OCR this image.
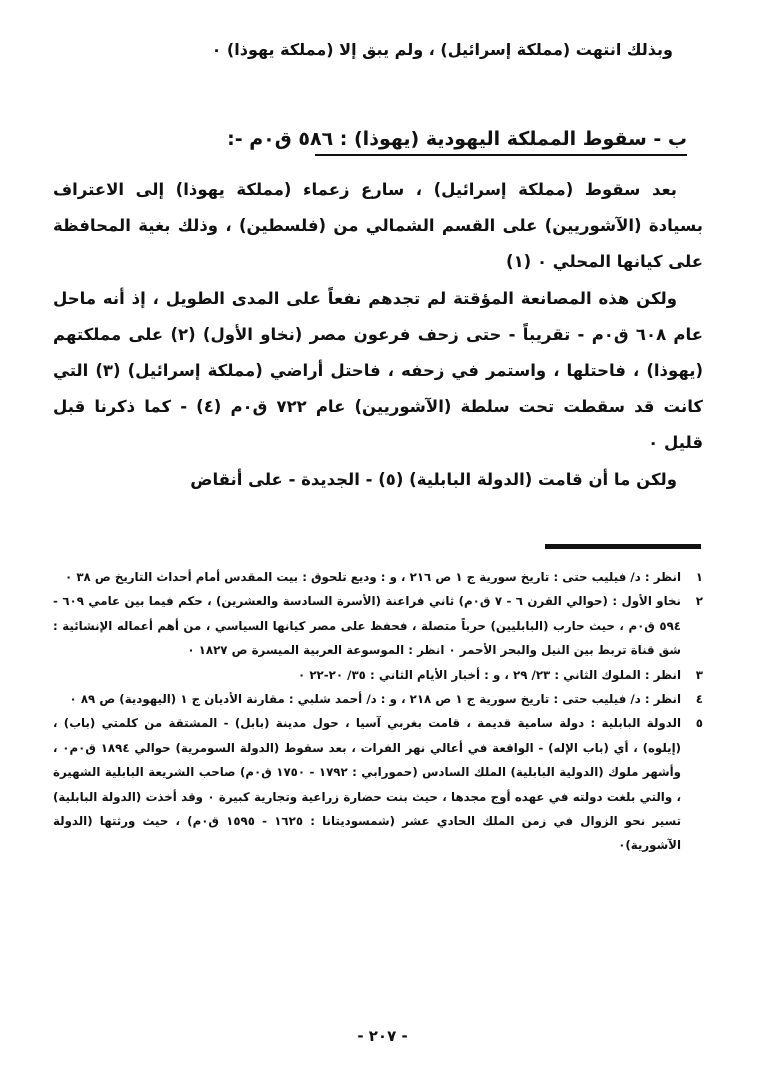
وبذلك انتهت (مملكة إسرائيل) ، ولم يبق إلا (مملكة يهوذا) ٠
ب - سقوط المملكة اليهودية (يهوذا) : ٥٨٦ ق٠م -:

بعد سقوط (مملكة إسرائيل) ، سارع زعماء (مملكة يهوذا) إلى الاعتراف بسيادة (الآشوريين) على القسم الشمالي من (فلسطين) ، وذلك بغية المحافظة على كيانها المحلي ٠ (١)

ولكن هذه المصانعة المؤقتة لم تجدهم نفعاً على المدى الطويل ، إذ أنه ماحل عام ٦٠٨ ق٠م - تقريباً - حتى زحف فرعون مصر (نخاو الأول) (٢) على مملكتهم (يهوذا) ، فاحتلها ، واستمر في زحفه ، فاحتل أراضي (مملكة إسرائيل) (٣) التي كانت قد سقطت تحت سلطة (الآشوريين) عام ٧٢٢ ق٠م (٤) - كما ذكرنا قبل قليل ٠

ولكن ما أن قامت (الدولة البابلية) (٥) - الجديدة - على أنقاض

١
انظر : د/ فيليب حتى : تاريخ سورية ج ١ ص ٢١٦ ، و : وديع تلحوق : بيت المقدس أمام أحداث التاريخ ص ٣٨ ٠
٢
نخاو الأول : (حوالي القرن ٦ - ٧ ق٠م) ثاني فراعنة (الأسرة السادسة والعشرين) ، حكم فيما بين عامي ٦٠٩ - ٥٩٤ ق٠م ، حيث حارب (البابليين) حرباً متصلة ، فحفظ على مصر كيانها السياسي ، من أهم أعماله الإنشائية : شق قناة تربط بين النيل والبحر الأحمر ٠ انظر : الموسوعة العربية الميسرة ص ١٨٢٧ ٠
٣
انظر : الملوك الثاني : ٢٣/ ٢٩ ، و : أخبار الأيام الثاني : ٣٥/ ٢٠-٢٢ ٠
٤
انظر : د/ فيليب حتى : تاريخ سورية ج ١ ص ٢١٨ ، و : د/ أحمد شلبي : مقارنة الأديان ج ١ (اليهودية) ص ٨٩ ٠
٥
الدولة البابلية : دولة سامية قديمة ، قامت بغربي آسيا ، حول مدينة (بابل) - المشتقة من كلمتي (باب) ، (إيلوه) ، أي (باب الإله) - الواقعة في أعالي نهر الفرات ، بعد سقوط (الدولة السومرية) حوالي ١٨٩٤ ق٠م٠ ، وأشهر ملوك (الدولية البابلية) الملك السادس (حمورابي : ١٧٩٢ - ١٧٥٠ ق٠م) صاحب الشريعة البابلية الشهيرة ، والتي بلغت دولته في عهده أوج مجدها ، حيث بنت حضارة زراعية وتجارية كبيرة ٠ وقد أخذت (الدولة البابلية) تسير نحو الزوال في زمن الملك الحادي عشر (شمسوديتانا : ١٦٢٥ - ١٥٩٥ ق٠م) ، حيث ورثتها (الدولة الآشورية)٠
- ٢٠٧ -
